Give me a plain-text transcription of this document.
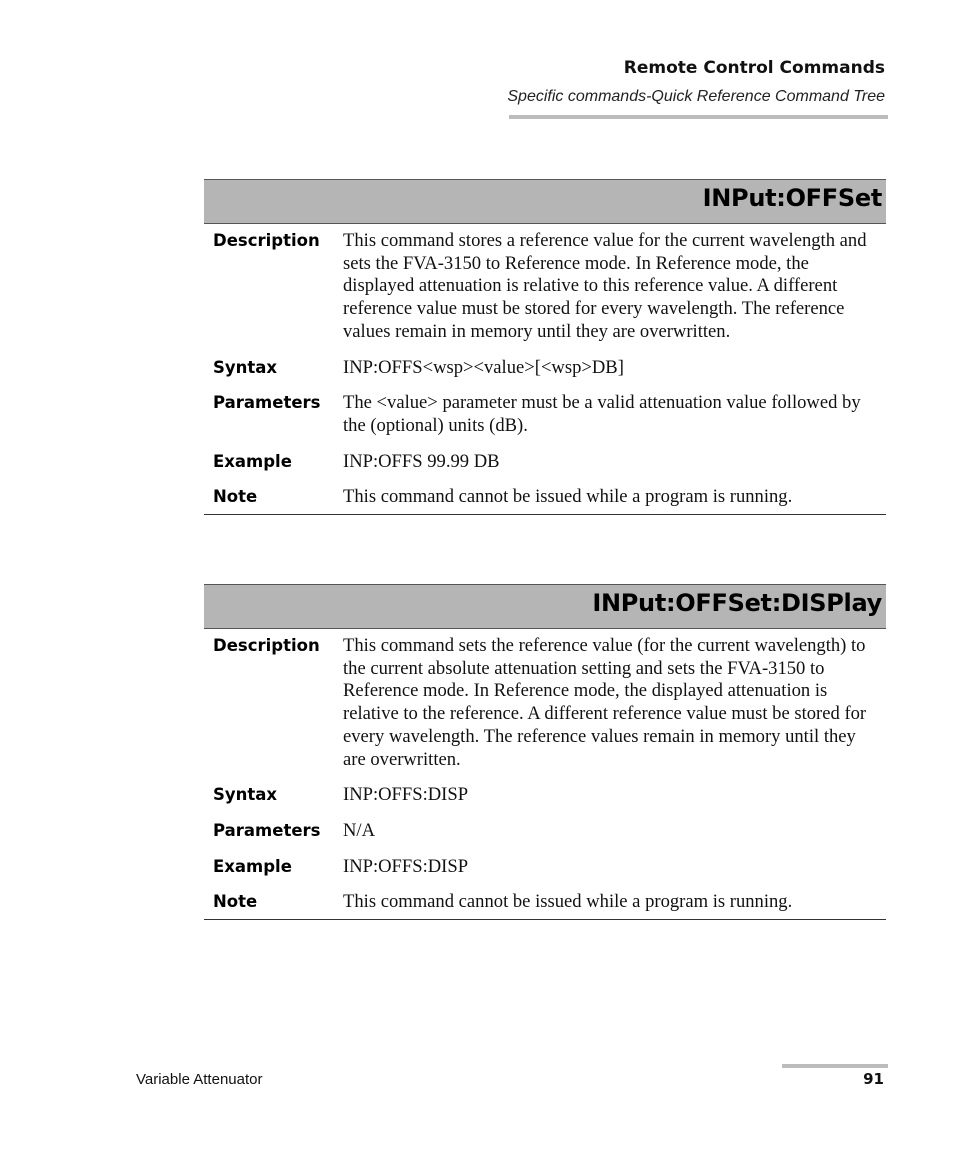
Remote Control Commands
Specific commands-Quick Reference Command Tree
INPut:OFFSet
Description	This command stores a reference value for the current wavelength and sets the FVA-3150 to Reference mode. In Reference mode, the displayed attenuation is relative to this reference value. A different reference value must be stored for every wavelength. The reference values remain in memory until they are overwritten.
Syntax	INP:OFFS<wsp><value>[<wsp>DB]
Parameters	The <value> parameter must be a valid attenuation value followed by the (optional) units (dB).
Example	INP:OFFS 99.99 DB
Note	This command cannot be issued while a program is running.
INPut:OFFSet:DISPlay
Description	This command sets the reference value (for the current wavelength) to the current absolute attenuation setting and sets the FVA-3150 to Reference mode. In Reference mode, the displayed attenuation is relative to the reference. A different reference value must be stored for every wavelength. The reference values remain in memory until they are overwritten.
Syntax	INP:OFFS:DISP
Parameters	N/A
Example	INP:OFFS:DISP
Note	This command cannot be issued while a program is running.
Variable Attenuator	91
